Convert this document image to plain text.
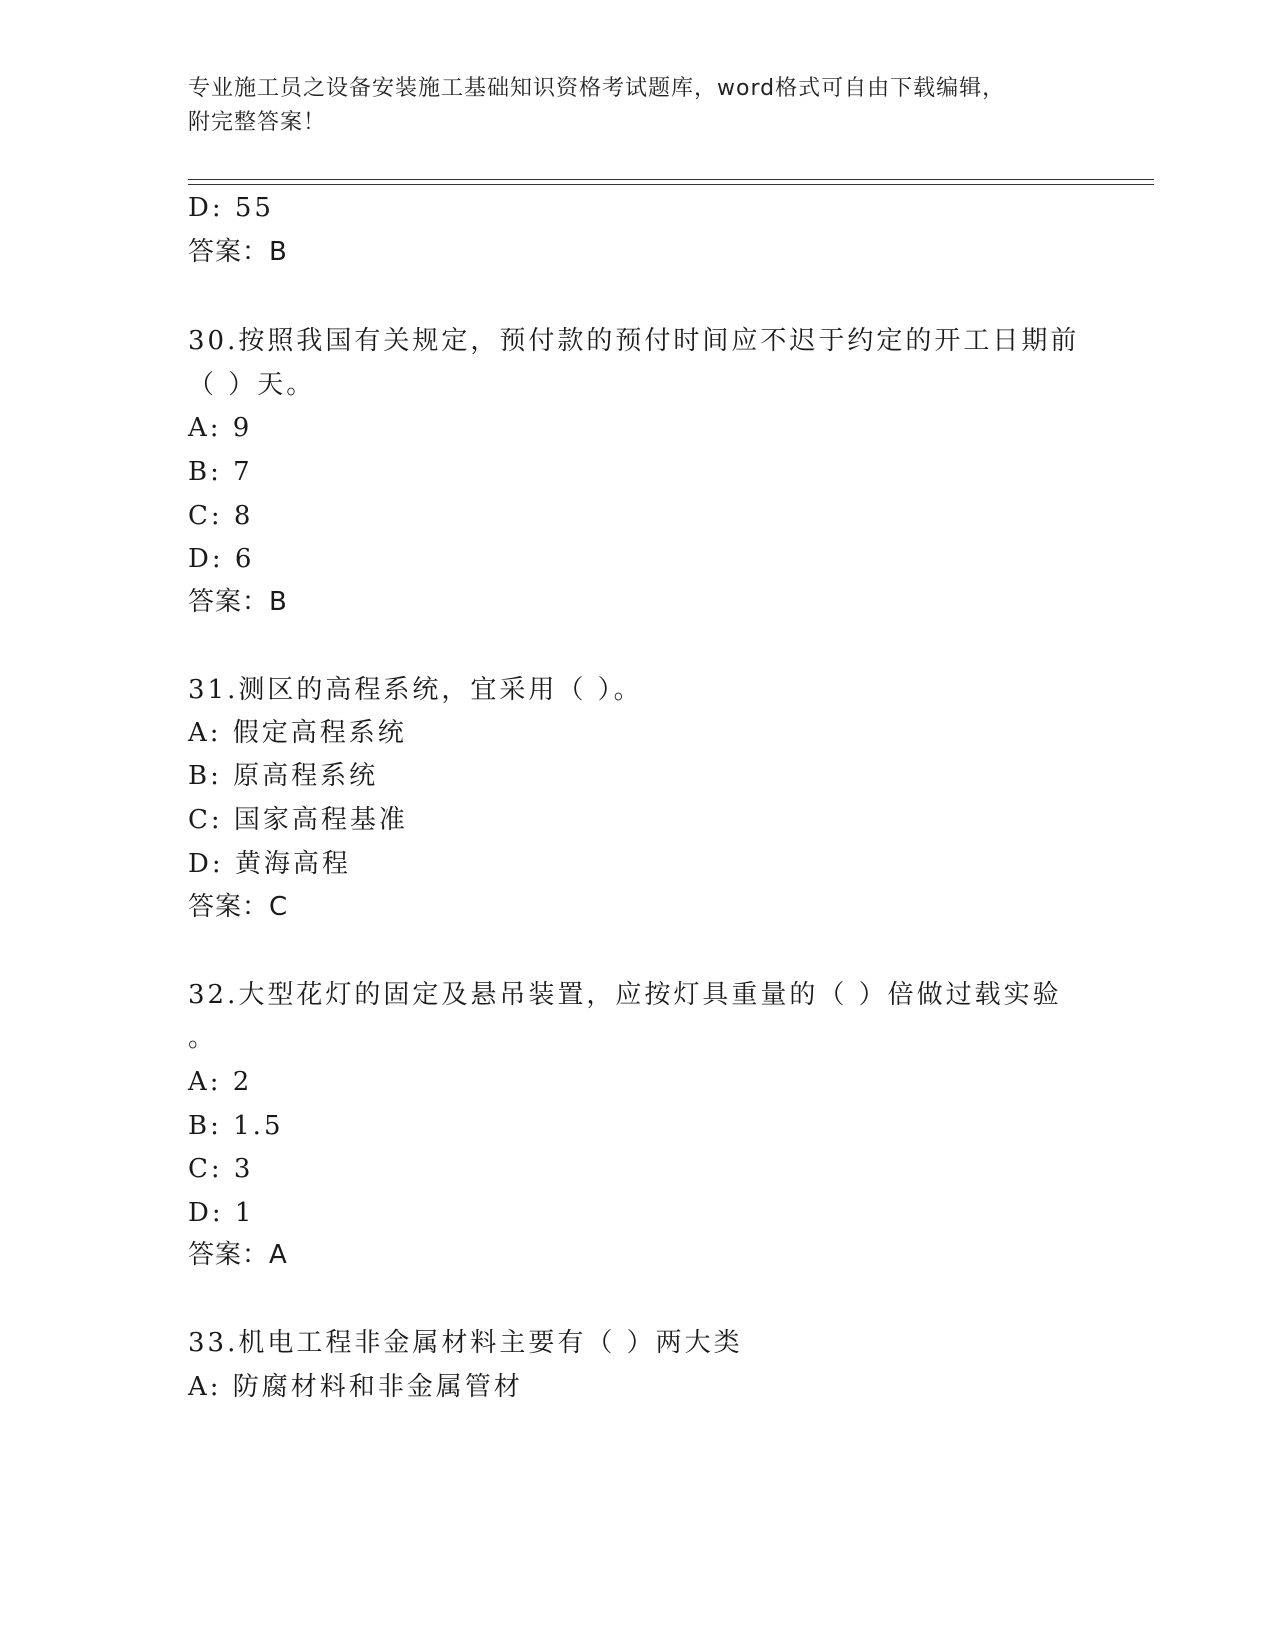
专业施工员之设备安装施工基础知识资格考试题库，word格式可自由下载编辑，
附完整答案！
D: 55
答案：B
30.按照我国有关规定，预付款的预付时间应不迟于约定的开工日期前
（ ）天。
A: 9
B: 7
C: 8
D: 6
答案：B
31.测区的高程系统，宜采用（ ）。
A: 假定高程系统
B: 原高程系统
C: 国家高程基准
D: 黄海高程
答案：C
32.大型花灯的固定及悬吊装置，应按灯具重量的（ ）倍做过载实验
。
A: 2
B: 1.5
C: 3
D: 1
答案：A
33.机电工程非金属材料主要有（ ）两大类
A: 防腐材料和非金属管材
